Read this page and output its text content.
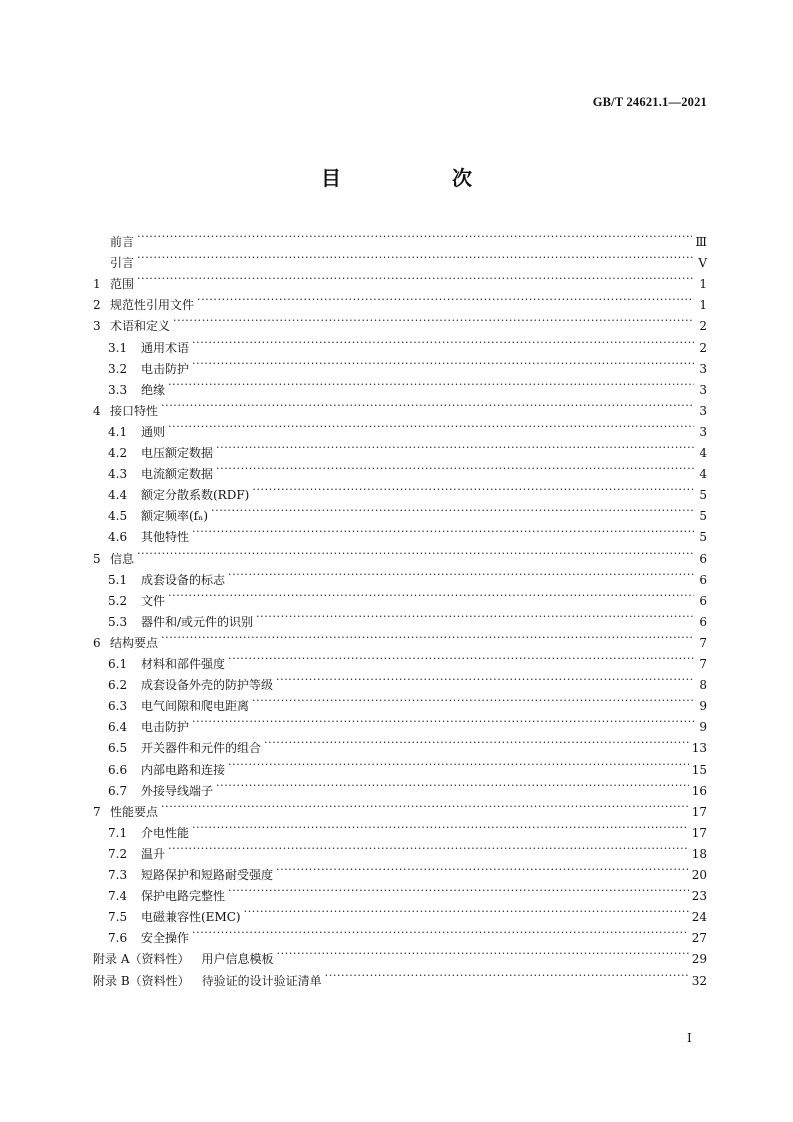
GB/T 24621.1—2021
目 次
前言 ·····	Ⅲ
引言 ·····	V
1 范围 ·····	1
2 规范性引用文件 ·····	1
3 术语和定义 ·····	2
3.1	通用术语 ·····	2
3.2	电击防护 ·····	3
3.3	绝缘 ·····	3
4 接口特性 ·····	3
4.1	通则 ·····	3
4.2	电压额定数据 ·····	4
4.3	电流额定数据 ·····	4
4.4	额定分散系数(RDF) ·····	5
4.5	额定频率(fₙ) ·····	5
4.6	其他特性 ·····	5
5 信息 ·····	6
5.1	成套设备的标志 ·····	6
5.2	文件 ·····	6
5.3	器件和/或元件的识别 ·····	6
6 结构要点 ·····	7
6.1	材料和部件强度 ·····	7
6.2	成套设备外壳的防护等级 ·····	8
6.3	电气间隙和爬电距离 ·····	9
6.4	电击防护 ·····	9
6.5	开关器件和元件的组合 ·····	13
6.6	内部电路和连接 ·····	15
6.7	外接导线端子 ·····	16
7 性能要点 ·····	17
7.1	介电性能 ·····	17
7.2	温升 ·····	18
7.3	短路保护和短路耐受强度 ·····	20
7.4	保护电路完整性 ·····	23
7.5	电磁兼容性(EMC) ·····	24
7.6	安全操作 ·····	27
附录 A（资料性） 用户信息模板 ·····	29
附录 B（资料性） 待验证的设计验证清单 ·····	32
I
